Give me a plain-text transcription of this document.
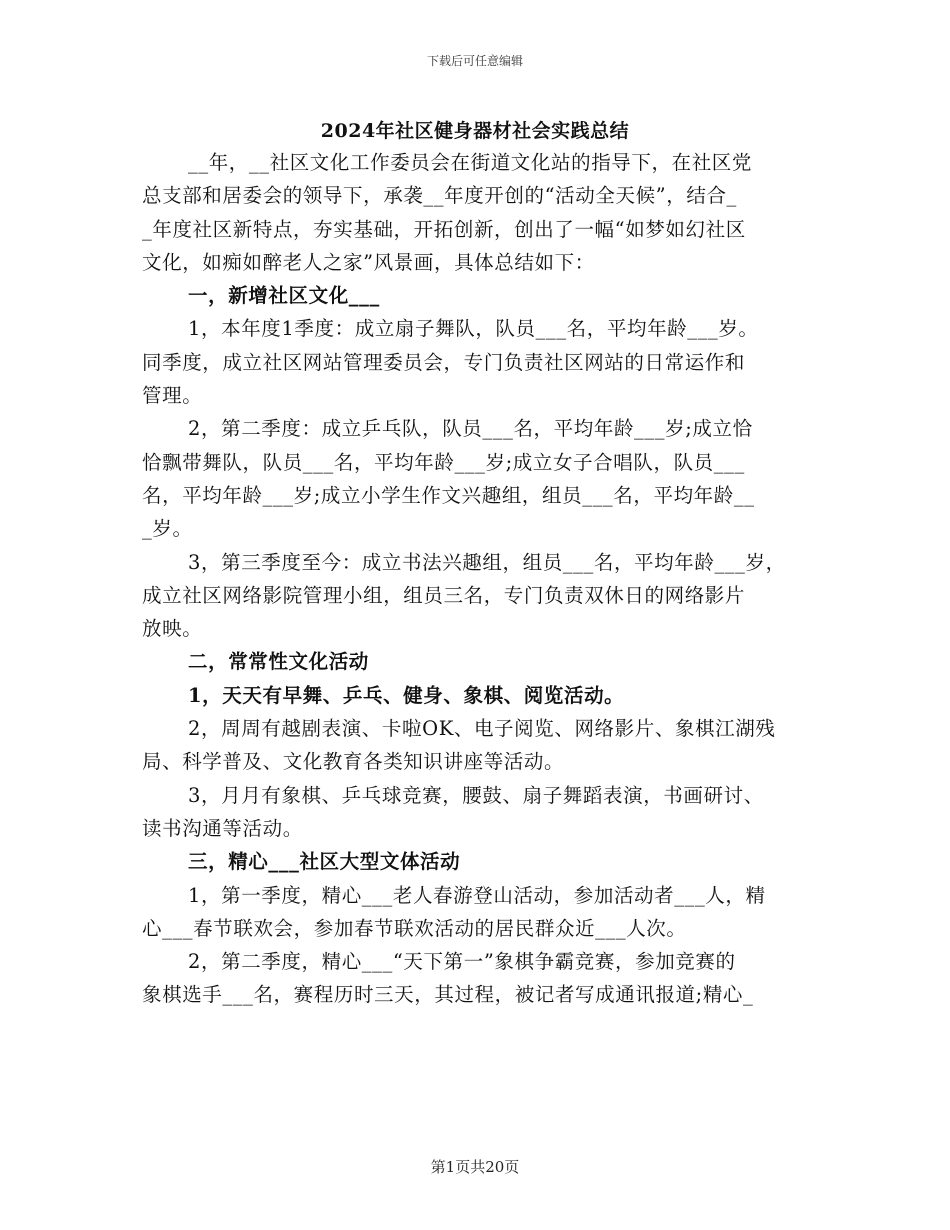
下载后可任意编辑
2024年社区健身器材社会实践总结
__年，__社区文化工作委员会在街道文化站的指导下，在社区党
总支部和居委会的领导下，承袭__年度开创的“活动全天候”，结合_
_年度社区新特点，夯实基础，开拓创新，创出了一幅“如梦如幻社区
文化，如痴如醉老人之家”风景画，具体总结如下：
一，新增社区文化___
1，本年度1季度：成立扇子舞队，队员___名，平均年龄___岁。
同季度，成立社区网站管理委员会，专门负责社区网站的日常运作和
管理。
2，第二季度：成立乒乓队，队员___名，平均年龄___岁;成立恰
恰飘带舞队，队员___名，平均年龄___岁;成立女子合唱队，队员___
名，平均年龄___岁;成立小学生作文兴趣组，组员___名，平均年龄__
_岁。
3，第三季度至今：成立书法兴趣组，组员___名，平均年龄___岁，
成立社区网络影院管理小组，组员三名，专门负责双休日的网络影片
放映。
二，常常性文化活动
1，天天有早舞、乒乓、健身、象棋、阅览活动。
2，周周有越剧表演、卡啦OK、电子阅览、网络影片、象棋江湖残
局、科学普及、文化教育各类知识讲座等活动。
3，月月有象棋、乒乓球竞赛，腰鼓、扇子舞蹈表演，书画研讨、
读书沟通等活动。
三，精心___社区大型文体活动
1，第一季度，精心___老人春游登山活动，参加活动者___人，精
心___春节联欢会，参加春节联欢活动的居民群众近___人次。
2，第二季度，精心___“天下第一”象棋争霸竞赛，参加竞赛的
象棋选手___名，赛程历时三天，其过程，被记者写成通讯报道;精心_
第1页共20页
